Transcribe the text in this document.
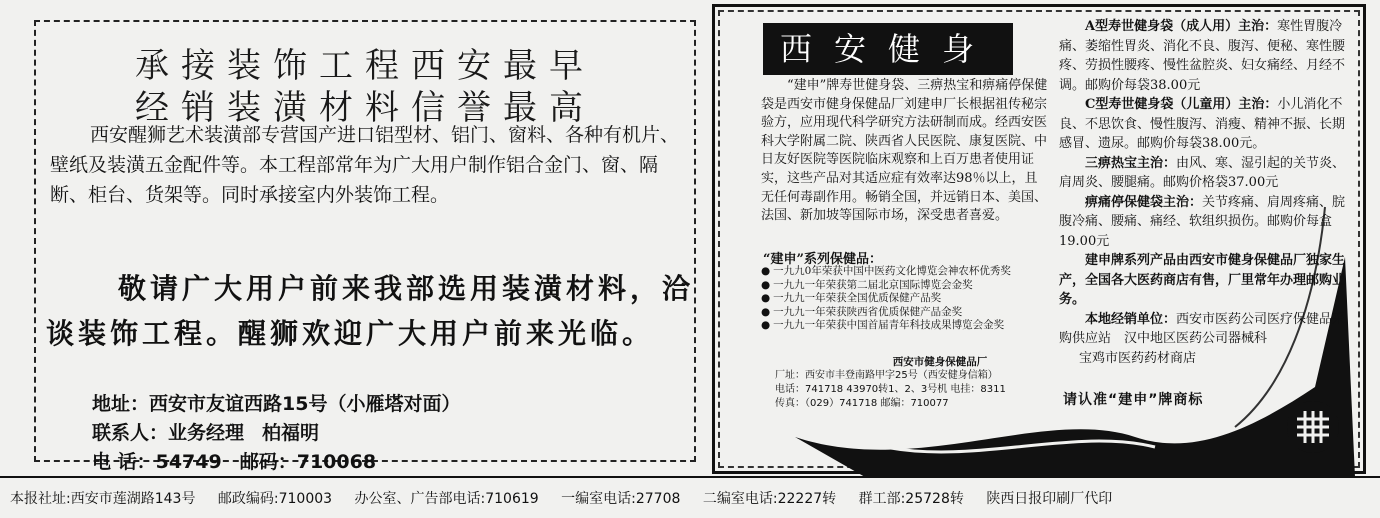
承接装饰工程西安最早
经销装潢材料信誉最高
西安醒狮艺术装潢部专营国产进口铝型材、铝门、窗料、各种有机片、壁纸及装潢五金配件等。本工程部常年为广大用户制作铝合金门、窗、隔断、柜台、货架等。同时承接室内外装饰工程。
敬请广大用户前来我部选用装潢材料，洽谈装饰工程。醒狮欢迎广大用户前来光临。
地址：西安市友谊西路15号（小雁塔对面）
联系人：业务经理 柏福明
电 话：54749 邮码：710068
西安健身
“建申”牌寿世健身袋、三痹热宝和痹痛停保健袋是西安市健身保健品厂刘建申厂长根据祖传秘宗验方，应用现代科学研究方法研制而成。经西安医科大学附属二院、陕西省人民医院、康复医院、中日友好医院等医院临床观察和上百万患者使用证实，这些产品对其适应症有效率达98％以上，且无任何毒副作用。畅销全国，并远销日本、美国、法国、新加坡等国际市场，深受患者喜爱。
“建申”系列保健品：
● 一九九0年荣获中国中医药文化博览会神农杯优秀奖
● 一九九一年荣获第二届北京国际博览会金奖
● 一九九一年荣获全国优质保健产品奖
● 一九九一年荣获陕西省优质保健产品金奖
● 一九九一年荣获中国首届青年科技成果博览会金奖
西安市健身保健品厂
厂址：西安市丰登南路甲字25号（西安健身信箱）
电话：741718 43970转1、2、3号机 电挂：8311
传真：（029）741718 邮编：710077

A型寿世健身袋（成人用）主治：寒性胃腹冷痛、萎缩性胃炎、消化不良、腹泻、便秘、寒性腰疼、劳损性腰疼、慢性盆腔炎、妇女痛经、月经不调。邮购价每袋38.00元

C型寿世健身袋（儿童用）主治：小儿消化不良、不思饮食、慢性腹泻、消瘦、精神不振、长期感冒、遗尿。邮购价每袋38.00元。

三痹热宝主治：由风、寒、湿引起的关节炎、肩周炎、腰腿痛。邮购价格袋37.00元

痹痛停保健袋主治：关节疼痛、肩周疼痛、脘腹冷痛、腰痛、痛经、软组织损伤。邮购价每盒19.00元

建申牌系列产品由西安市健身保健品厂独家生产，全国各大医药商店有售，厂里常年办理邮购业务。

本地经销单位：西安市医药公司医疗保健品采购供应站　汉中地区医药公司器械科

宝鸡市医药药材商店

请认准“建申”牌商标
本报社址:西安市莲湖路143号 邮政编码:710003 办公室、广告部电话:710619 一编室电话:27708 二编室电话:22227转 群工部:25728转 陕西日报印刷厂代印
